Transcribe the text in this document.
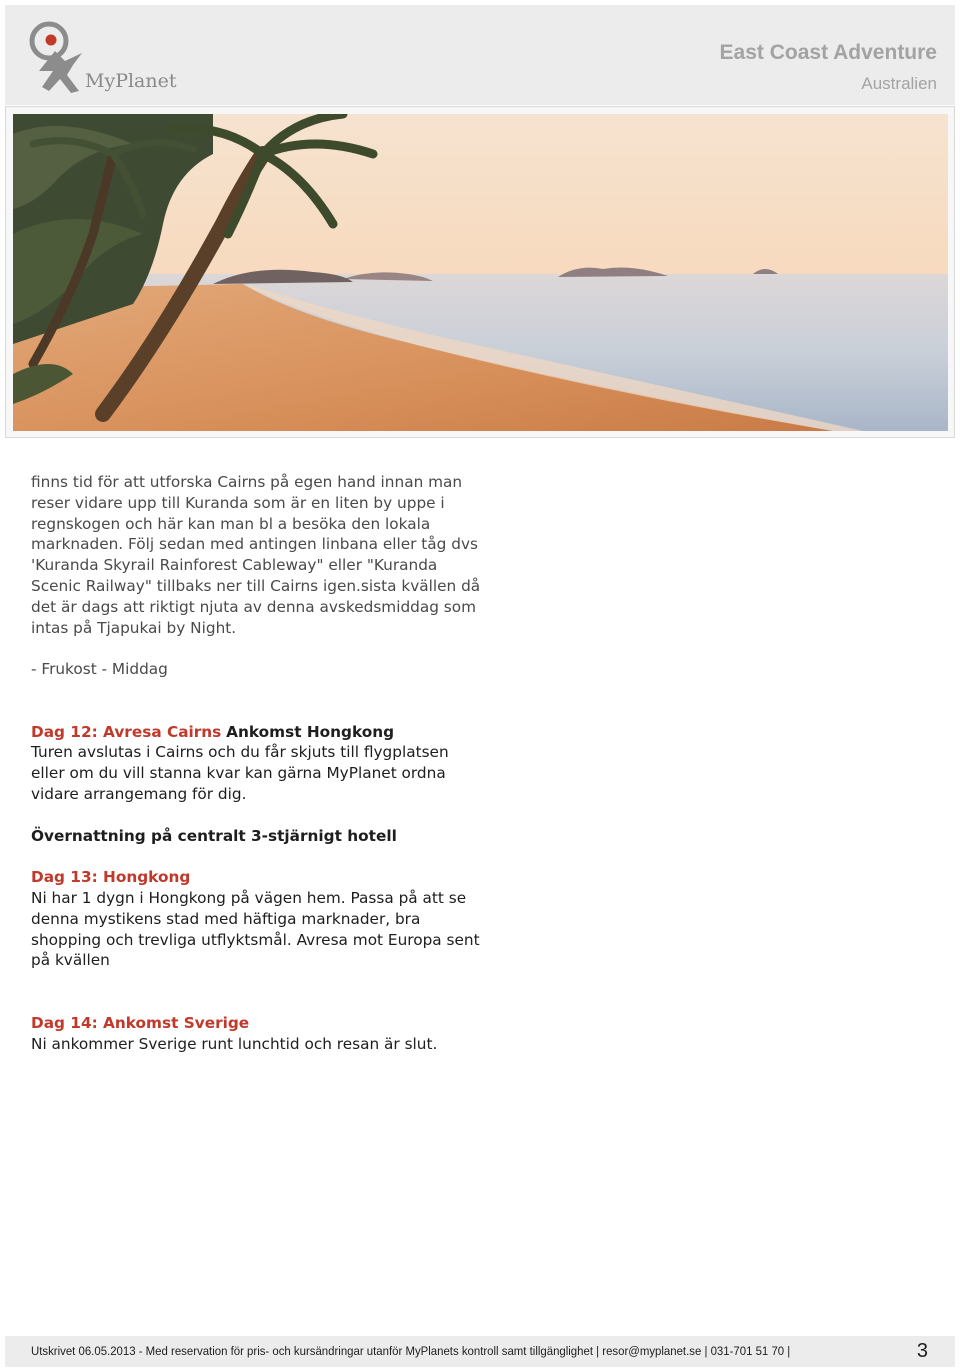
MyPlanet
East Coast Adventure
Australien

finns tid för att utforska Cairns på egen hand innan man reser vidare upp till Kuranda som är en liten by uppe i regnskogen och här kan man bl a besöka den lokala marknaden. Följ sedan med antingen linbana eller tåg dvs 'Kuranda Skyrail Rainforest Cableway" eller "Kuranda Scenic Railway" tillbaks ner till Cairns igen.sista kvällen då det är dags att riktigt njuta av denna avskedsmiddag som intas på Tjapukai by Night.

- Frukost - Middag

Dag 12: Avresa Cairns Ankomst Hongkong

Turen avslutas i Cairns och du får skjuts till flygplatsen eller om du vill stanna kvar kan gärna MyPlanet ordna vidare arrangemang för dig.

Övernattning på centralt 3-stjärnigt hotell

Dag 13: Hongkong

Ni har 1 dygn i Hongkong på vägen hem. Passa på att se denna mystikens stad med häftiga marknader, bra shopping och trevliga utflyktsmål. Avresa mot Europa sent på kvällen

Dag 14: Ankomst Sverige

Ni ankommer Sverige runt lunchtid och resan är slut.

Utskrivet 06.05.2013 - Med reservation för pris- och kursändringar utanför MyPlanets kontroll samt tillgänglighet | resor@myplanet.se | 031-701 51 70 |	3
